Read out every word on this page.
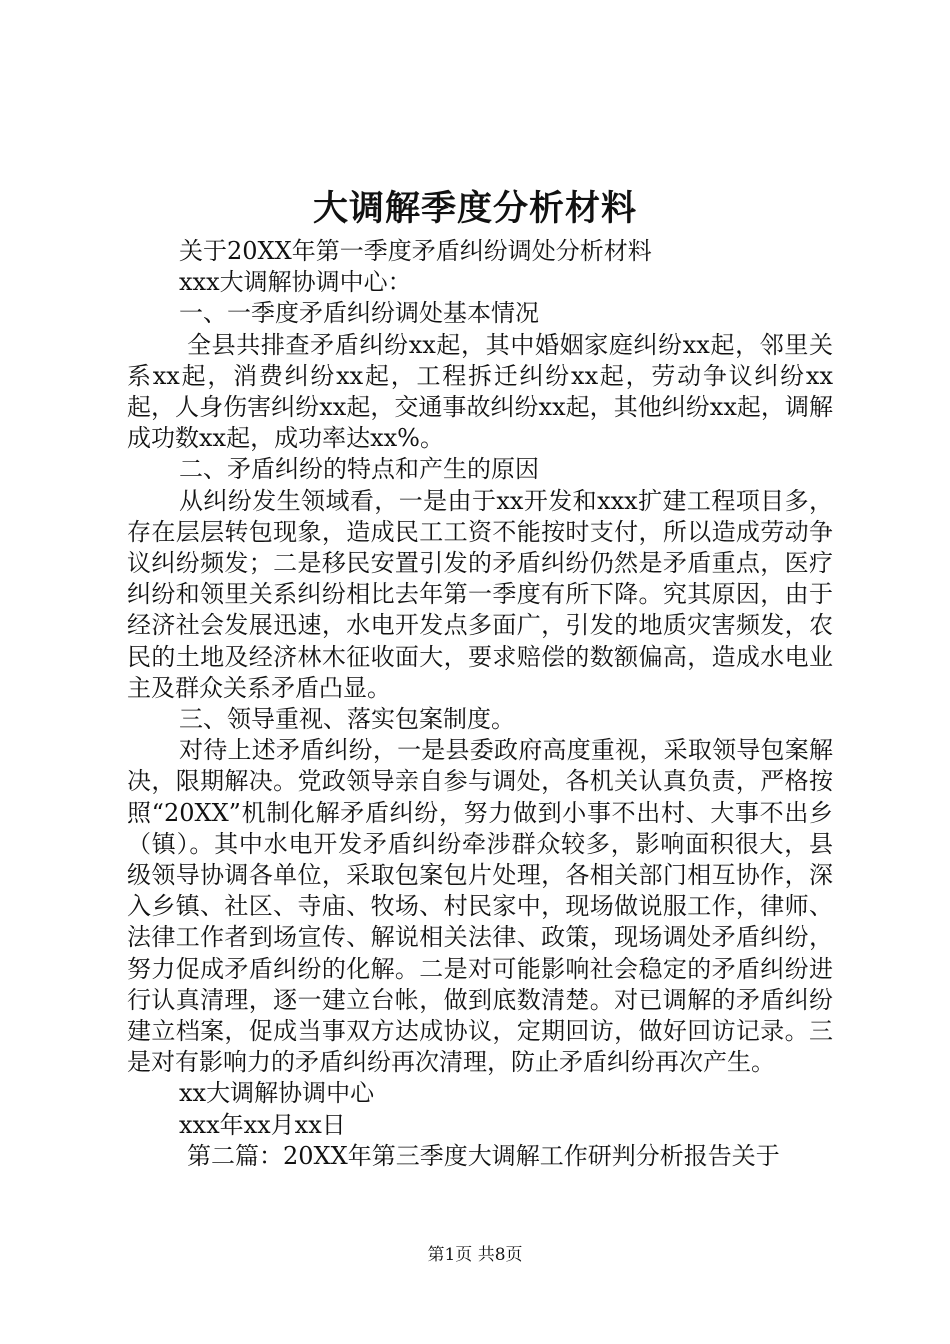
大调解季度分析材料

关于20XX年第一季度矛盾纠纷调处分析材料

xxx大调解协调中心：

一、一季度矛盾纠纷调处基本情况

全县共排查矛盾纠纷xx起，其中婚姻家庭纠纷xx起，邻里关系xx起，消费纠纷xx起，工程拆迁纠纷xx起，劳动争议纠纷xx起，人身伤害纠纷xx起，交通事故纠纷xx起，其他纠纷xx起，调解成功数xx起，成功率达xx%。

二、矛盾纠纷的特点和产生的原因

从纠纷发生领域看，一是由于xx开发和xxx扩建工程项目多，存在层层转包现象，造成民工工资不能按时支付，所以造成劳动争议纠纷频发；二是移民安置引发的矛盾纠纷仍然是矛盾重点，医疗纠纷和领里关系纠纷相比去年第一季度有所下降。究其原因，由于经济社会发展迅速，水电开发点多面广，引发的地质灾害频发，农民的土地及经济林木征收面大，要求赔偿的数额偏高，造成水电业主及群众关系矛盾凸显。

三、领导重视、落实包案制度。

对待上述矛盾纠纷，一是县委政府高度重视，采取领导包案解决，限期解决。党政领导亲自参与调处，各机关认真负责，严格按照“20XX”机制化解矛盾纠纷，努力做到小事不出村、大事不出乡（镇）。其中水电开发矛盾纠纷牵涉群众较多，影响面积很大，县级领导协调各单位，采取包案包片处理，各相关部门相互协作，深入乡镇、社区、寺庙、牧场、村民家中，现场做说服工作，律师、法律工作者到场宣传、解说相关法律、政策，现场调处矛盾纠纷，努力促成矛盾纠纷的化解。二是对可能影响社会稳定的矛盾纠纷进行认真清理，逐一建立台帐，做到底数清楚。对已调解的矛盾纠纷建立档案，促成当事双方达成协议，定期回访，做好回访记录。三是对有影响力的矛盾纠纷再次清理，防止矛盾纠纷再次产生。

xx大调解协调中心

xxx年xx月xx日

第二篇：20XX年第三季度大调解工作研判分析报告关于

第1页 共8页
